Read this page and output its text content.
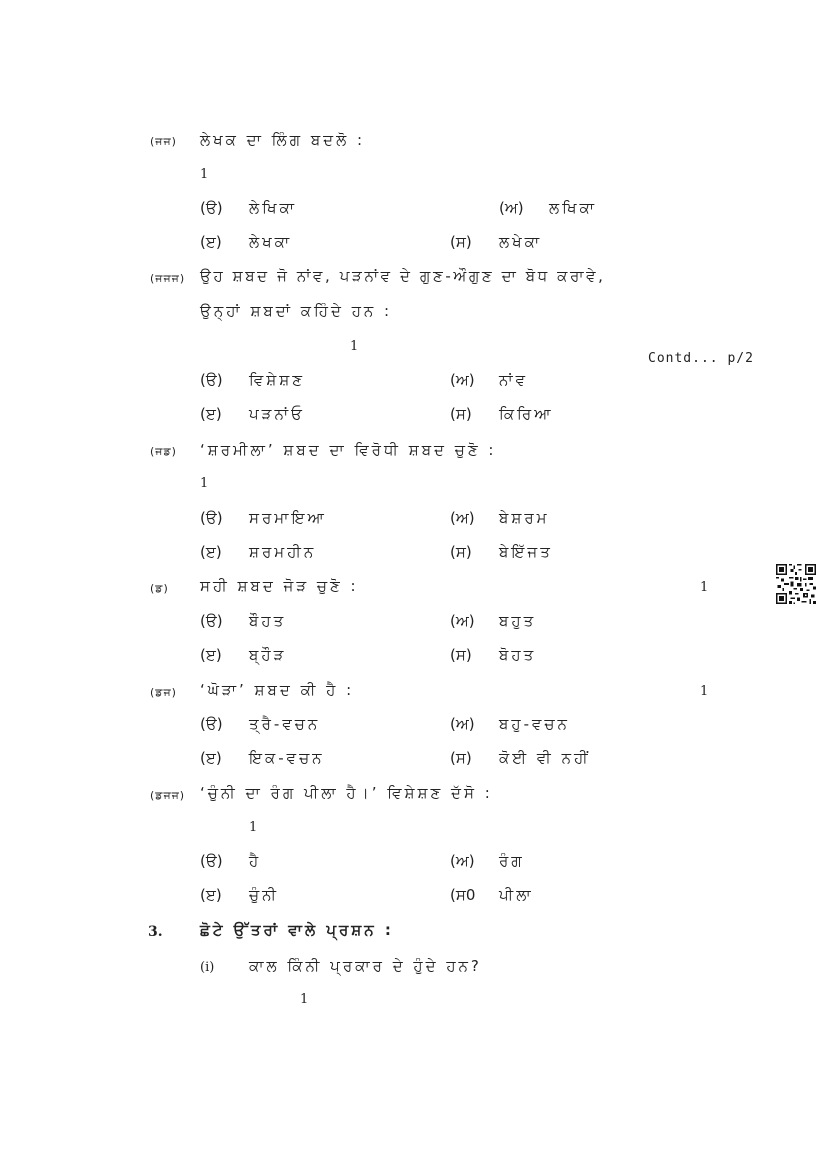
(ਜਜ) ਲੇਖਕ ਦਾ ਲਿੰਗ ਬਦਲੋ :
1
(ੳ) ਲੇਖਿਕਾ	(ਅ) ਲਖਿਕਾ
(ੲ) ਲੇਖਕਾ	(ਸ) ਲਖੇਕਾ
(ਜਜਜ) ਉਹ ਸ਼ਬਦ ਜੋ ਨਾਂਵ, ਪੜਨਾਂਵ ਦੇ ਗੁਣ-ਔਗੁਣ ਦਾ ਬੋਧ ਕਰਾਵੇ,
ਉਨ੍ਹਾਂ ਸ਼ਬਦਾਂ ਕਹਿੰਦੇ ਹਨ :
1
Contd... p/2
(ੳ) ਵਿਸ਼ੇਸ਼ਣ	(ਅ) ਨਾਂਵ
(ੲ) ਪੜਨਾਂਓ	(ਸ) ਕਿਰਿਆ
(ਜਡ) ‘ਸ਼ਰਮੀਲਾ’ ਸ਼ਬਦ ਦਾ ਵਿਰੋਧੀ ਸ਼ਬਦ ਚੁਣੋ :
1
(ੳ) ਸਰਮਾਇਆ	(ਅ) ਬੇਸ਼ਰਮ
(ੲ) ਸ਼ਰਮਹੀਨ	(ਸ) ਬੇਇੱਜਤ
(ਡ) ਸਹੀ ਸ਼ਬਦ ਜੋੜ ਚੁਣੋ :	1
(ੳ) ਬੌਹਤ	(ਅ) ਬਹੁਤ
(ੲ) ਬ੍ਹੌੜ	(ਸ) ਬੋਹਤ
(ਡਜ) ‘ਘੋੜਾ’ ਸ਼ਬਦ ਕੀ ਹੈ :	1
(ੳ) ਤ੍ਰੈ-ਵਚਨ	(ਅ) ਬਹੁ-ਵਚਨ
(ੲ) ਇਕ-ਵਚਨ	(ਸ) ਕੋਈ ਵੀ ਨਹੀਂ
(ਡਜਜ) ‘ਚੁੰਨੀ ਦਾ ਰੰਗ ਪੀਲਾ ਹੈ।’ ਵਿਸ਼ੇਸ਼ਣ ਦੱਸੋ :
1
(ੳ) ਹੈ	(ਅ) ਰੰਗ
(ੲ) ਚੁੰਨੀ	(ਸ0 ਪੀਲਾ
3. ਛੋਟੇ ਉੱਤਰਾਂ ਵਾਲੇ ਪ੍ਰਸ਼ਨ :
(i) ਕਾਲ ਕਿੰਨੀ ਪ੍ਰਕਾਰ ਦੇ ਹੁੰਦੇ ਹਨ?
1
